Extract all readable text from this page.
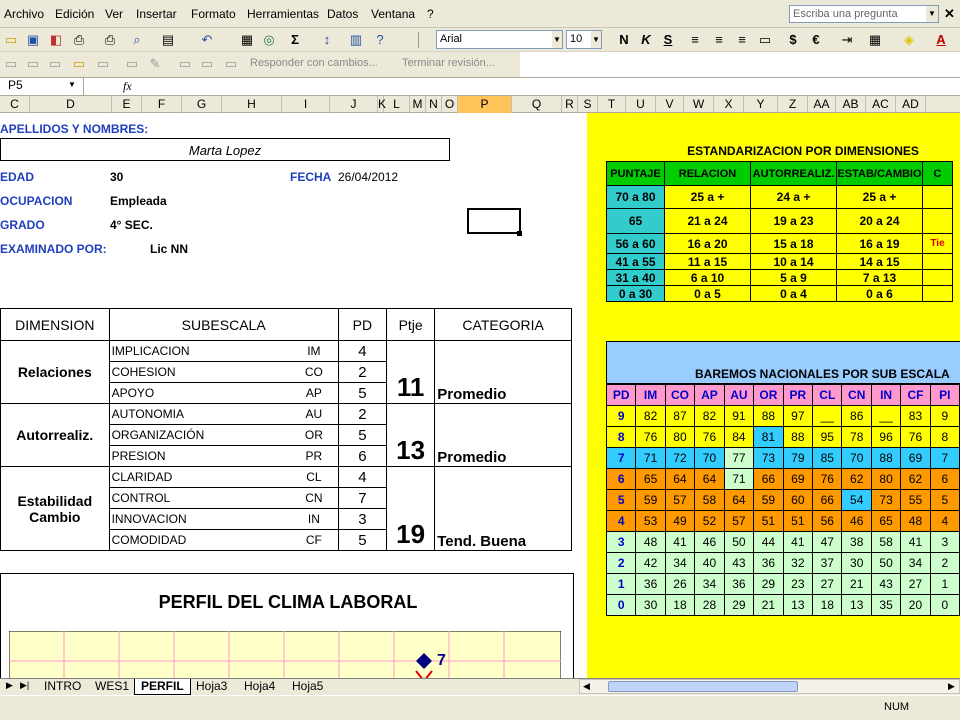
Archivo Edición Ver Insertar Formato Herramientas Datos Ventana ?	Escriba una pregunta	▼ ✕
▭ ▣ ◧ ⎙ ⎙	⌕	▤ ↶ ▦ ◎	Σ	↕	▥	?	N K S	≡	≡	≡	▭	$	€	⇥ ▦	◈	A
Arial	▼ 10 ▼
▭ ▭ ▭ ▭ ▭ ▭ ✎ ▭ ▭ ▭ Responder con cambios... Terminar revisión...
P5	▼	fx
C	D	E	F	G	H	I	J	K L	M N O	P	Q	R S	T	U	V	W	X	Y	Z	AA	AB	AC	AD
APELLIDOS Y NOMBRES:
Marta Lopez
EDAD	30	FECHA 26/04/2012
OCUPACION	Empleada
GRADO	4° SEC.
EXAMINADO POR:	Lic NN
DIMENSION	SUBESCALA		PD	Ptje	CATEGORIA
Relaciones	IMPLICACION	IM	4	11	Promedio
	COHESION	CO	2		
	APOYO	AP	5		
Autorrealiz.	AUTONOMIA	AU	2	13	Promedio
	ORGANIZACIÓN	OR	5		
	PRESION	PR	6		
Estabilidad Cambio	CLARIDAD	CL	4	19	Tend. Buena
	CONTROL	CN	7		
	INNOVACION	IN	3		
	COMODIDAD	CF	5		
PERFIL DEL CLIMA LABORAL
7
ESTANDARIZACION POR DIMENSIONES
PUNTAJE	RELACION	AUTORREALIZ.	ESTAB/CAMBIO	C
70 a 80	25 a +	24 a +	25 a +	
65	21 a 24	19 a 23	20 a 24	
56 a 60	16 a 20	15 a 18	16 a 19	Tie
41 a 55	11 a 15	10 a 14	14 a 15	
31 a 40	6 a 10	5 a 9	7 a 13	
0 a 30	0 a 5	0 a 4	0 a 6	
BAREMOS NACIONALES POR SUB ESCALA
PD	IM	CO	AP	AU	OR	PR	CL	CN	IN	CF	PI
9	82	87	82	91	88	97	__	86	__	83	9
8	76	80	76	84	81	88	95	78	96	76	8
7	71	72	70	77	73	79	85	70	88	69	7
6	65	64	64	71	66	69	76	62	80	62	6
5	59	57	58	64	59	60	66	54	73	55	5
4	53	49	52	57	51	51	56	46	65	48	4
3	48	41	46	50	44	41	47	38	58	41	3
2	42	34	40	43	36	32	37	30	50	34	2
1	36	26	34	36	29	23	27	21	43	27	1
0	30	18	28	29	21	13	18	13	35	20	0
▶ ▶|	INTRO	WES1 PERFIL	Hoja3	Hoja4	Hoja5	◀	▶
NUM
